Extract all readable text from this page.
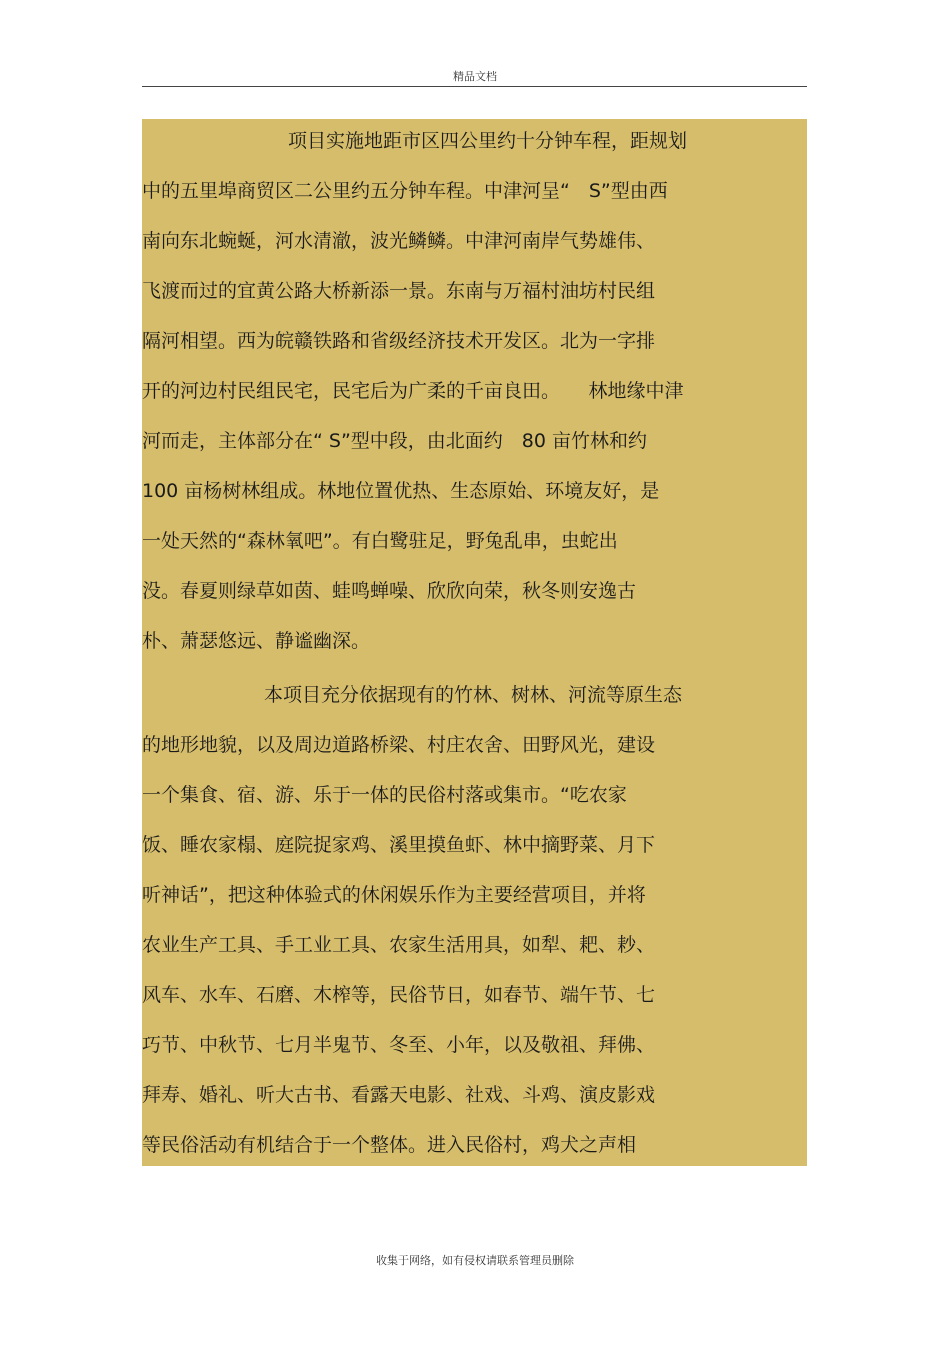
精品文档
项目实施地距市区四公里约十分钟车程，距规划
中的五里埠商贸区二公里约五分钟车程。中津河呈“　S”型由西
南向东北蜿蜒，河水清澈，波光鳞鳞。中津河南岸气势雄伟、
飞渡而过的宜黄公路大桥新添一景。东南与万福村油坊村民组
隔河相望。西为皖赣铁路和省级经济技术开发区。北为一字排
开的河边村民组民宅，民宅后为广柔的千亩良田。　　林地缘中津
河而走，主体部分在“ S”型中段，由北面约　80 亩竹林和约
100 亩杨树林组成。林地位置优热、生态原始、环境友好，是
一处天然的“森林氧吧”。有白鹭驻足，野兔乱串，虫蛇出
没。春夏则绿草如茵、蛙鸣蝉噪、欣欣向荣，秋冬则安逸古
朴、萧瑟悠远、静谧幽深。
本项目充分依据现有的竹林、树林、河流等原生态
的地形地貌，以及周边道路桥梁、村庄农舍、田野风光，建设
一个集食、宿、游、乐于一体的民俗村落或集市。“吃农家
饭、睡农家榻、庭院捉家鸡、溪里摸鱼虾、林中摘野菜、月下
听神话”，把这种体验式的休闲娱乐作为主要经营项目，并将
农业生产工具、手工业工具、农家生活用具，如犁、耙、耖、
风车、水车、石磨、木榨等，民俗节日，如春节、端午节、七
巧节、中秋节、七月半鬼节、冬至、小年，以及敬祖、拜佛、
拜寿、婚礼、听大古书、看露天电影、社戏、斗鸡、演皮影戏
等民俗活动有机结合于一个整体。进入民俗村，鸡犬之声相
收集于网络，如有侵权请联系管理员删除
